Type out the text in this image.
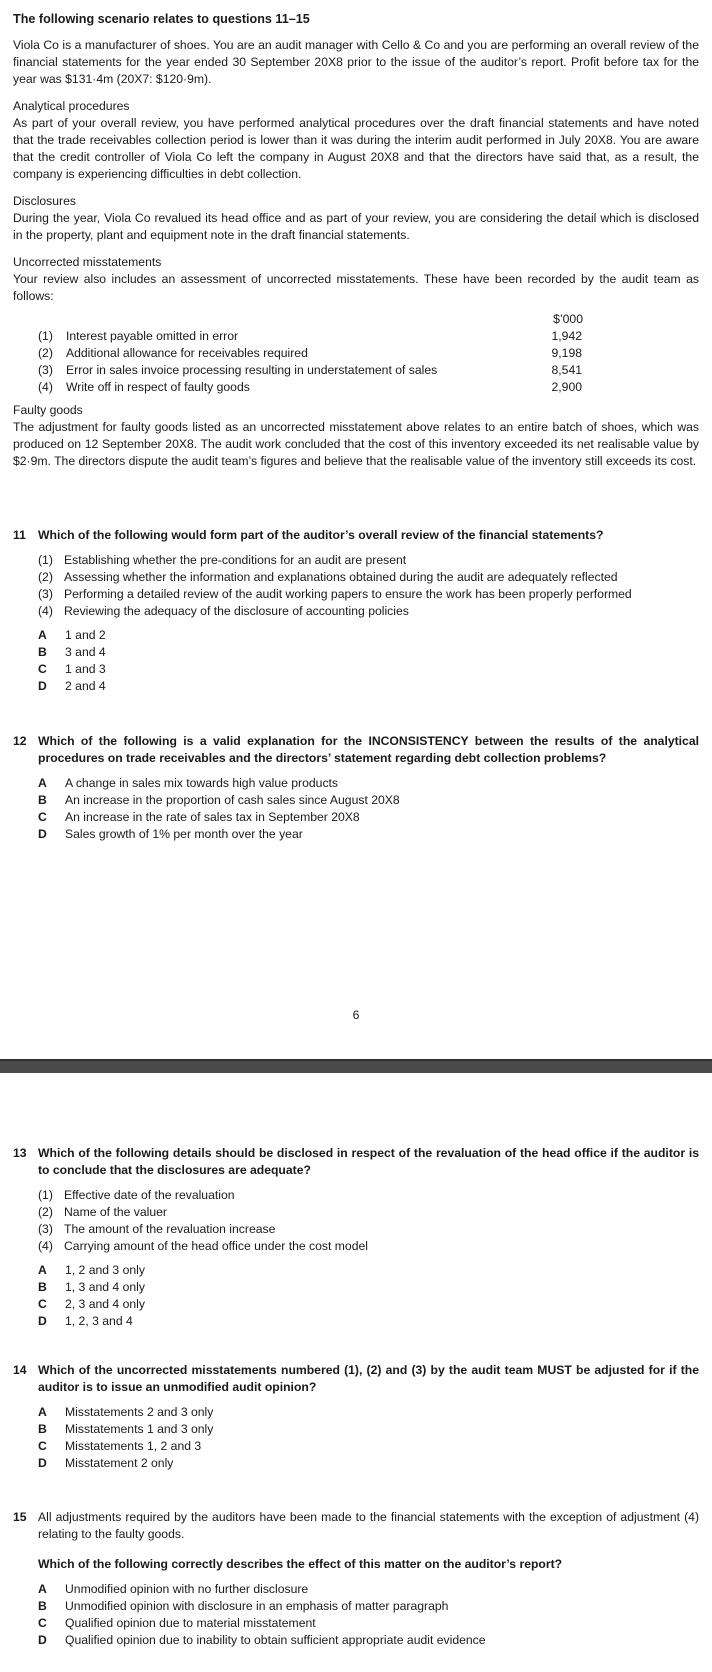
The following scenario relates to questions 11–15

Viola Co is a manufacturer of shoes. You are an audit manager with Cello & Co and you are performing an overall review of the financial statements for the year ended 30 September 20X8 prior to the issue of the auditor’s report. Profit before tax for the year was $131·4m (20X7: $120·9m).

Analytical procedures

As part of your overall review, you have performed analytical procedures over the draft financial statements and have noted that the trade receivables collection period is lower than it was during the interim audit performed in July 20X8. You are aware that the credit controller of Viola Co left the company in August 20X8 and that the directors have said that, as a result, the company is experiencing difficulties in debt collection.

Disclosures

During the year, Viola Co revalued its head office and as part of your review, you are considering the detail which is disclosed in the property, plant and equipment note in the draft financial statements.

Uncorrected misstatements

Your review also includes an assessment of uncorrected misstatements. These have been recorded by the audit team as follows:

$’000
(1)	Interest payable omitted in error	1,942
(2)	Additional allowance for receivables required	9,198
(3)	Error in sales invoice processing resulting in understatement of sales	8,541
(4)	Write off in respect of faulty goods	2,900

Faulty goods

The adjustment for faulty goods listed as an uncorrected misstatement above relates to an entire batch of shoes, which was produced on 12 September 20X8. The audit work concluded that the cost of this inventory exceeded its net realisable value by $2·9m. The directors dispute the audit team’s figures and believe that the realisable value of the inventory still exceeds its cost.

11 Which of the following would form part of the auditor’s overall review of the financial statements?
(1) Establishing whether the pre-conditions for an audit are present
(2) Assessing whether the information and explanations obtained during the audit are adequately reflected
(3) Performing a detailed review of the audit working papers to ensure the work has been properly performed
(4) Reviewing the adequacy of the disclosure of accounting policies
A	1 and 2
B	3 and 4
C	1 and 3
D	2 and 4
12 Which of the following is a valid explanation for the INCONSISTENCY between the results of the analytical procedures on trade receivables and the directors’ statement regarding debt collection problems?
A	A change in sales mix towards high value products
B	An increase in the proportion of cash sales since August 20X8
C	An increase in the rate of sales tax in September 20X8
D	Sales growth of 1% per month over the year
6
13 Which of the following details should be disclosed in respect of the revaluation of the head office if the auditor is to conclude that the disclosures are adequate?
(1) Effective date of the revaluation
(2) Name of the valuer
(3) The amount of the revaluation increase
(4) Carrying amount of the head office under the cost model
A	1, 2 and 3 only
B	1, 3 and 4 only
C	2, 3 and 4 only
D	1, 2, 3 and 4
14 Which of the uncorrected misstatements numbered (1), (2) and (3) by the audit team MUST be adjusted for if the auditor is to issue an unmodified audit opinion?
A	Misstatements 2 and 3 only
B	Misstatements 1 and 3 only
C	Misstatements 1, 2 and 3
D	Misstatement 2 only
15 All adjustments required by the auditors have been made to the financial statements with the exception of adjustment (4) relating to the faulty goods.
Which of the following correctly describes the effect of this matter on the auditor’s report?
A	Unmodified opinion with no further disclosure
B	Unmodified opinion with disclosure in an emphasis of matter paragraph
C	Qualified opinion due to material misstatement
D	Qualified opinion due to inability to obtain sufficient appropriate audit evidence
